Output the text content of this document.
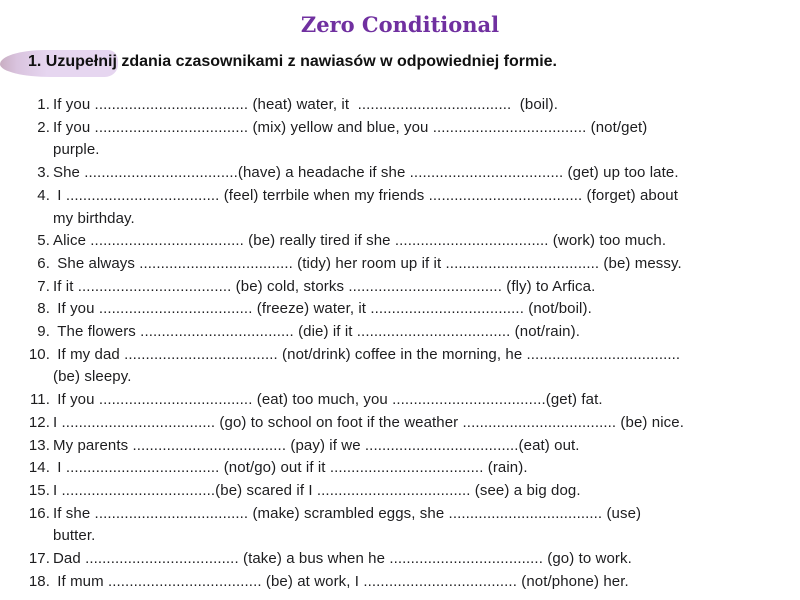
Zero Conditional
1. Uzupełnij zdania czasownikami z nawiasów w odpowiedniej formie.
1. If you .................................... (heat) water, it  ....................................  (boil).
2. If you .................................... (mix) yellow and blue, you .................................... (not/get)
purple.
3. She ....................................(have) a headache if she .................................... (get) up too late.
4. I .................................... (feel) terrbile when my friends .................................... (forget) about
my birthday.
5. Alice .................................... (be) really tired if she .................................... (work) too much.
6. She always .................................... (tidy) her room up if it .................................... (be) messy.
7. If it .................................... (be) cold, storks .................................... (fly) to Arfica.
8. If you .................................... (freeze) water, it .................................... (not/boil).
9. The flowers .................................... (die) if it .................................... (not/rain).
10. If my dad .................................... (not/drink) coffee in the morning, he ....................................
(be) sleepy.
11. If you .................................... (eat) too much, you ....................................(get) fat.
12. I .................................... (go) to school on foot if the weather .................................... (be) nice.
13. My parents .................................... (pay) if we ....................................(eat) out.
14. I .................................... (not/go) out if it .................................... (rain).
15. I ....................................(be) scared if I .................................... (see) a big dog.
16. If she .................................... (make) scrambled eggs, she .................................... (use)
butter.
17. Dad .................................... (take) a bus when he .................................... (go) to work.
18. If mum .................................... (be) at work, I .................................... (not/phone) her.
